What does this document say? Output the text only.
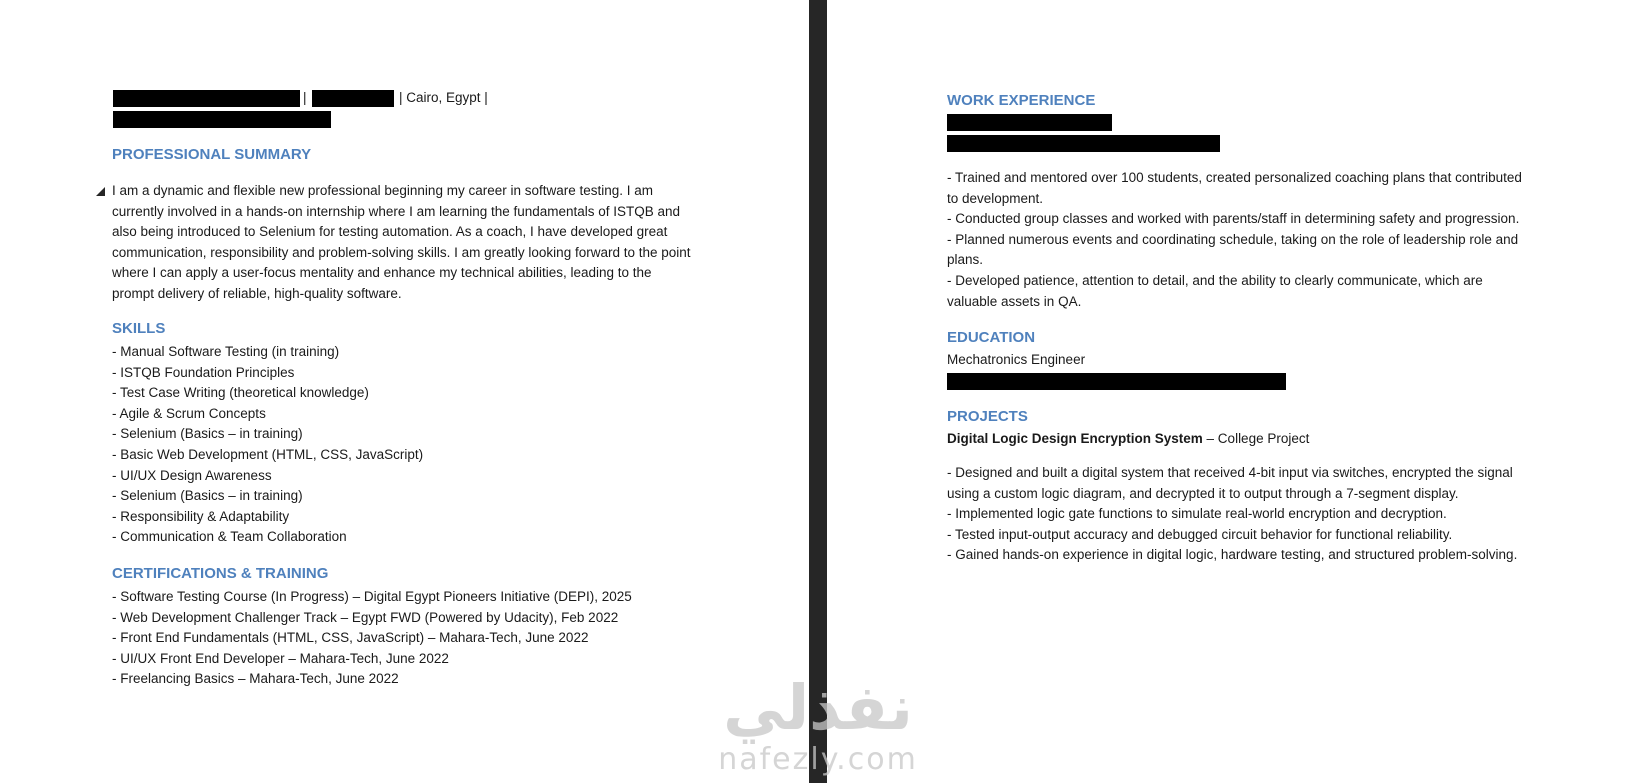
|	| Cairo, Egypt |
PROFESSIONAL SUMMARY
I am a dynamic and flexible new professional beginning my career in software testing. I am currently involved in a hands-on internship where I am learning the fundamentals of ISTQB and also being introduced to Selenium for testing automation. As a coach, I have developed great communication, responsibility and problem-solving skills. I am greatly looking forward to the point where I can apply a user-focus mentality and enhance my technical abilities, leading to the prompt delivery of reliable, high-quality software.
SKILLS
- Manual Software Testing (in training)
- ISTQB Foundation Principles
- Test Case Writing (theoretical knowledge)
- Agile & Scrum Concepts
- Selenium (Basics – in training)
- Basic Web Development (HTML, CSS, JavaScript)
- UI/UX Design Awareness
- Selenium (Basics – in training)
- Responsibility & Adaptability
- Communication & Team Collaboration
CERTIFICATIONS & TRAINING
- Software Testing Course (In Progress) – Digital Egypt Pioneers Initiative (DEPI), 2025
- Web Development Challenger Track – Egypt FWD (Powered by Udacity), Feb 2022
- Front End Fundamentals (HTML, CSS, JavaScript) – Mahara-Tech, June 2022
- UI/UX Front End Developer – Mahara-Tech, June 2022
- Freelancing Basics – Mahara-Tech, June 2022
WORK EXPERIENCE
- Trained and mentored over 100 students, created personalized coaching plans that contributed to development.
- Conducted group classes and worked with parents/staff in determining safety and progression.
- Planned numerous events and coordinating schedule, taking on the role of leadership role and plans.
- Developed patience, attention to detail, and the ability to clearly communicate, which are valuable assets in QA.
EDUCATION
Mechatronics Engineer
PROJECTS
Digital Logic Design Encryption System – College Project
- Designed and built a digital system that received 4-bit input via switches, encrypted the signal using a custom logic diagram, and decrypted it to output through a 7-segment display.
- Implemented logic gate functions to simulate real-world encryption and decryption.
- Tested input-output accuracy and debugged circuit behavior for functional reliability.
- Gained hands-on experience in digital logic, hardware testing, and structured problem-solving.
نفذلي
nafezly.com
